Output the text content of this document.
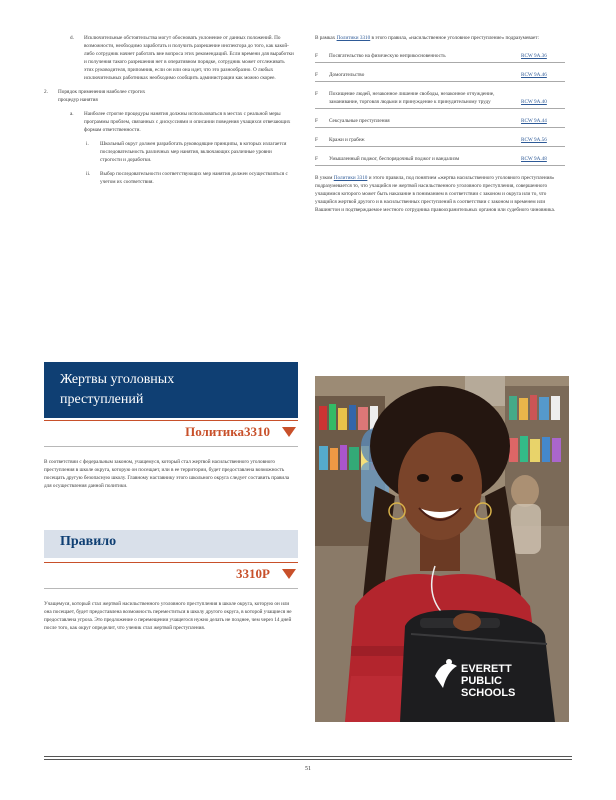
d.	Исключительные обстоятельства могут обосновать уклонение от данных положений. По возможности, необходимо заработать и получить разрешение инспектора до того, как какой-либо сотрудник начнет работать вне вопроса этих рекомендаций. Если времени для выработки и получения такого разрешения нет в оперативном порядке, сотрудник может отслеживать этих руководителя, припомнив, если он или она идет, что это разнообразно. О любых исключительных работниках необходимо сообщить администрации как можно скорее.
2.	Порядок применения наиболее строгих процедур нанятия
a.	Наиболее строгие процедуры нанятия должны использоваться в местах с реальной меры программы проблем, связанных с дискуссиями и описании поведения учащихся отвечающих формам ответственности.
i.	Школьный округ должен разработать руководящие принципы, в которых излагается последовательность различных мер нанятия, включающих различные уровни строгости и доработки.
ii.	Выбор последовательности соответствующих мер нанятия должен осуществляться с учетом их соответствия.

В рамках Политики 3310 в этого правила, «насильственное уголовное преступление» подразумевает:

F Посягательство на физическую неприкосновенность	RCW 9A.36
F Домогательство	RCW 9A.46
F Похищение людей, незаконное лишение свободы, незаконное отчуждение, заманивание, торговля людьми и принуждение к принудительному труду	RCW 9A.40
F Сексуальные преступления	RCW 9A.44
F Кражи и грабеж	RCW 9A.56
F Умышленный поджог, беспорядочный поджог и вандализм	RCW 9A.48

В узком Политики 3310 и этого правила, под понятием «жертва насильственного уголовного преступления» подразумевается то, что учащийся не жертвой насильственного уголовного преступления, совершенного учащимися которого может быть наказание в пониманием в соответствии с законом и округа или то, что учащийся жертвой другого и в насильственных преступлений в соответствии с законом и временем или Вашингтон и подтверждаемое местного сотрудника правоохранительных органов или судебного чиновника.

Жертвы уголовных преступлений
Политика3310

В соответствии с федеральным законом, учащемуся, который стал жертвой насильственного уголовного преступления в школе округа, которую он посещает, или в ее территории, будет предоставлена возможность посещать другую безопасную школу. Главному наставнику этого школьного округа следует составить правила для осуществления данной политики.

Правило
3310P

Учащемуся, который стал жертвой насильственного уголовного преступления в школе округа, которую он или она посещает, будет предоставлена возможность переместиться в школу другого округа, в которой учащиеся не предоставлена угроза. Это предложение о перемещении учащегося нужно делать не позднее, чем через 14 дней после того, как округ определит, что ученик стал жертвой преступления.

EVERETT
PUBLIC
SCHOOLS
51
